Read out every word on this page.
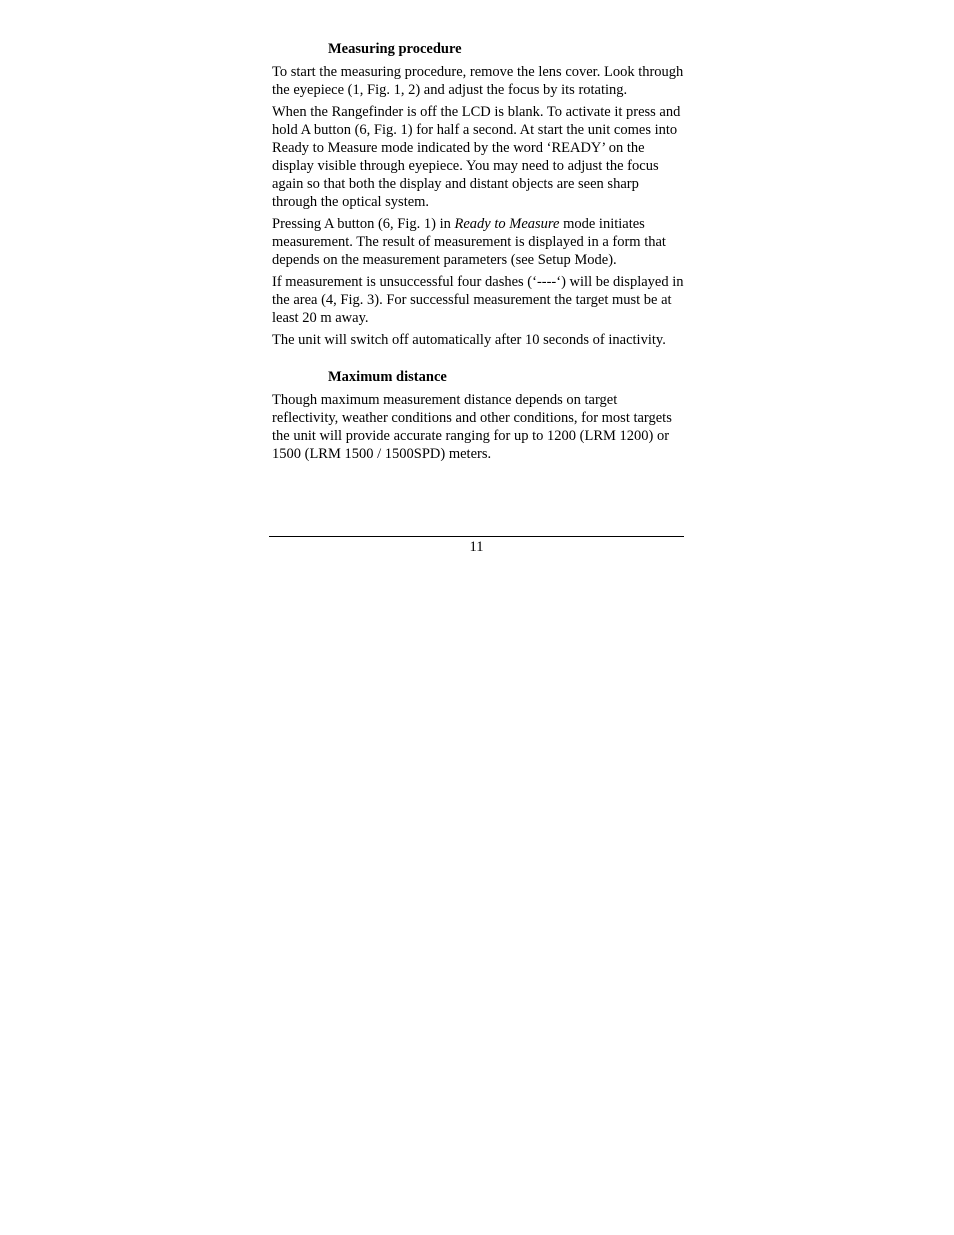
Measuring procedure

To start the measuring procedure, remove the lens cover. Look through the eyepiece (1, Fig. 1, 2) and adjust the focus by its rotating.

When the Rangefinder is off the LCD is blank. To activate it press and hold A button (6, Fig. 1) for half a second. At start the unit comes into Ready to Measure mode indicated by the word ‘READY’ on the display visible through eyepiece. You may need to adjust the focus again so that both the display and distant objects are seen sharp through the optical system.

Pressing A button (6, Fig. 1) in Ready to Measure mode initiates measurement. The result of measurement is displayed in a form that depends on the measurement parameters (see Setup Mode).

If measurement is unsuccessful four dashes (‘----‘) will be displayed in the area (4, Fig. 3). For successful measurement the target must be at least 20 m away.

The unit will switch off automatically after 10 seconds of inactivity.

Maximum distance

Though maximum measurement distance depends on target reflectivity, weather conditions and other conditions, for most targets the unit will provide accurate ranging for up to 1200 (LRM 1200) or 1500 (LRM 1500 / 1500SPD) meters.

11
